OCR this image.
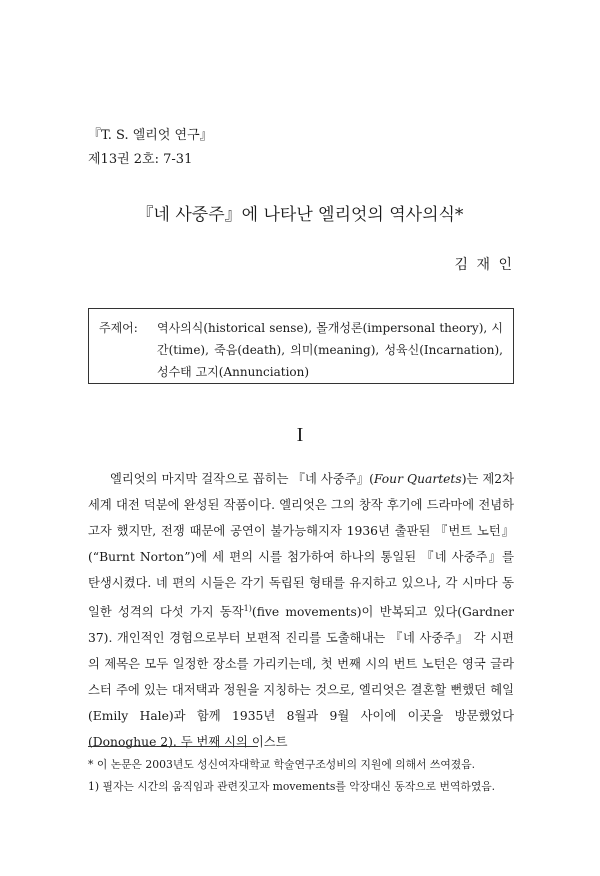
『T. S. 엘리엇 연구』
제13권 2호: 7-31
『네 사중주』에 나타난 엘리엇의 역사의식*
김 재 인
주제어:	역사의식(historical sense), 몰개성론(impersonal theory), 시간(time), 죽음(death), 의미(meaning), 성육신(Incarnation), 성수태 고지(Annunciation)
I

엘리엇의 마지막 걸작으로 꼽히는 『네 사중주』(Four Quartets)는 제2차 세계 대전 덕분에 완성된 작품이다. 엘리엇은 그의 창작 후기에 드라마에 전념하고자 했지만, 전쟁 때문에 공연이 불가능해지자 1936년 출판된 『번트 노턴』(“Burnt Norton”)에 세 편의 시를 첨가하여 하나의 통일된 『네 사중주』를 탄생시켰다. 네 편의 시들은 각기 독립된 형태를 유지하고 있으나, 각 시마다 동일한 성격의 다섯 가지 동작$^{1)}$(five movements)이 반복되고 있다(Gardner 37). 개인적인 경험으로부터 보편적 진리를 도출해내는 『네 사중주』 각 시편의 제목은 모두 일정한 장소를 가리키는데, 첫 번째 시의 번트 노턴은 영국 글라스터 주에 있는 대저택과 정원을 지칭하는 것으로, 엘리엇은 결혼할 뻔했던 헤일(Emily Hale)과 함께 1935년 8월과 9월 사이에 이곳을 방문했었다(Donoghue 2). 두 번째 시의 이스트

* 이 논문은 2003년도 성신여자대학교 학술연구조성비의 지원에 의해서 쓰여졌음.
1) 필자는 시간의 움직임과 관련짓고자 movements를 악장대신 동작으로 번역하였음.
